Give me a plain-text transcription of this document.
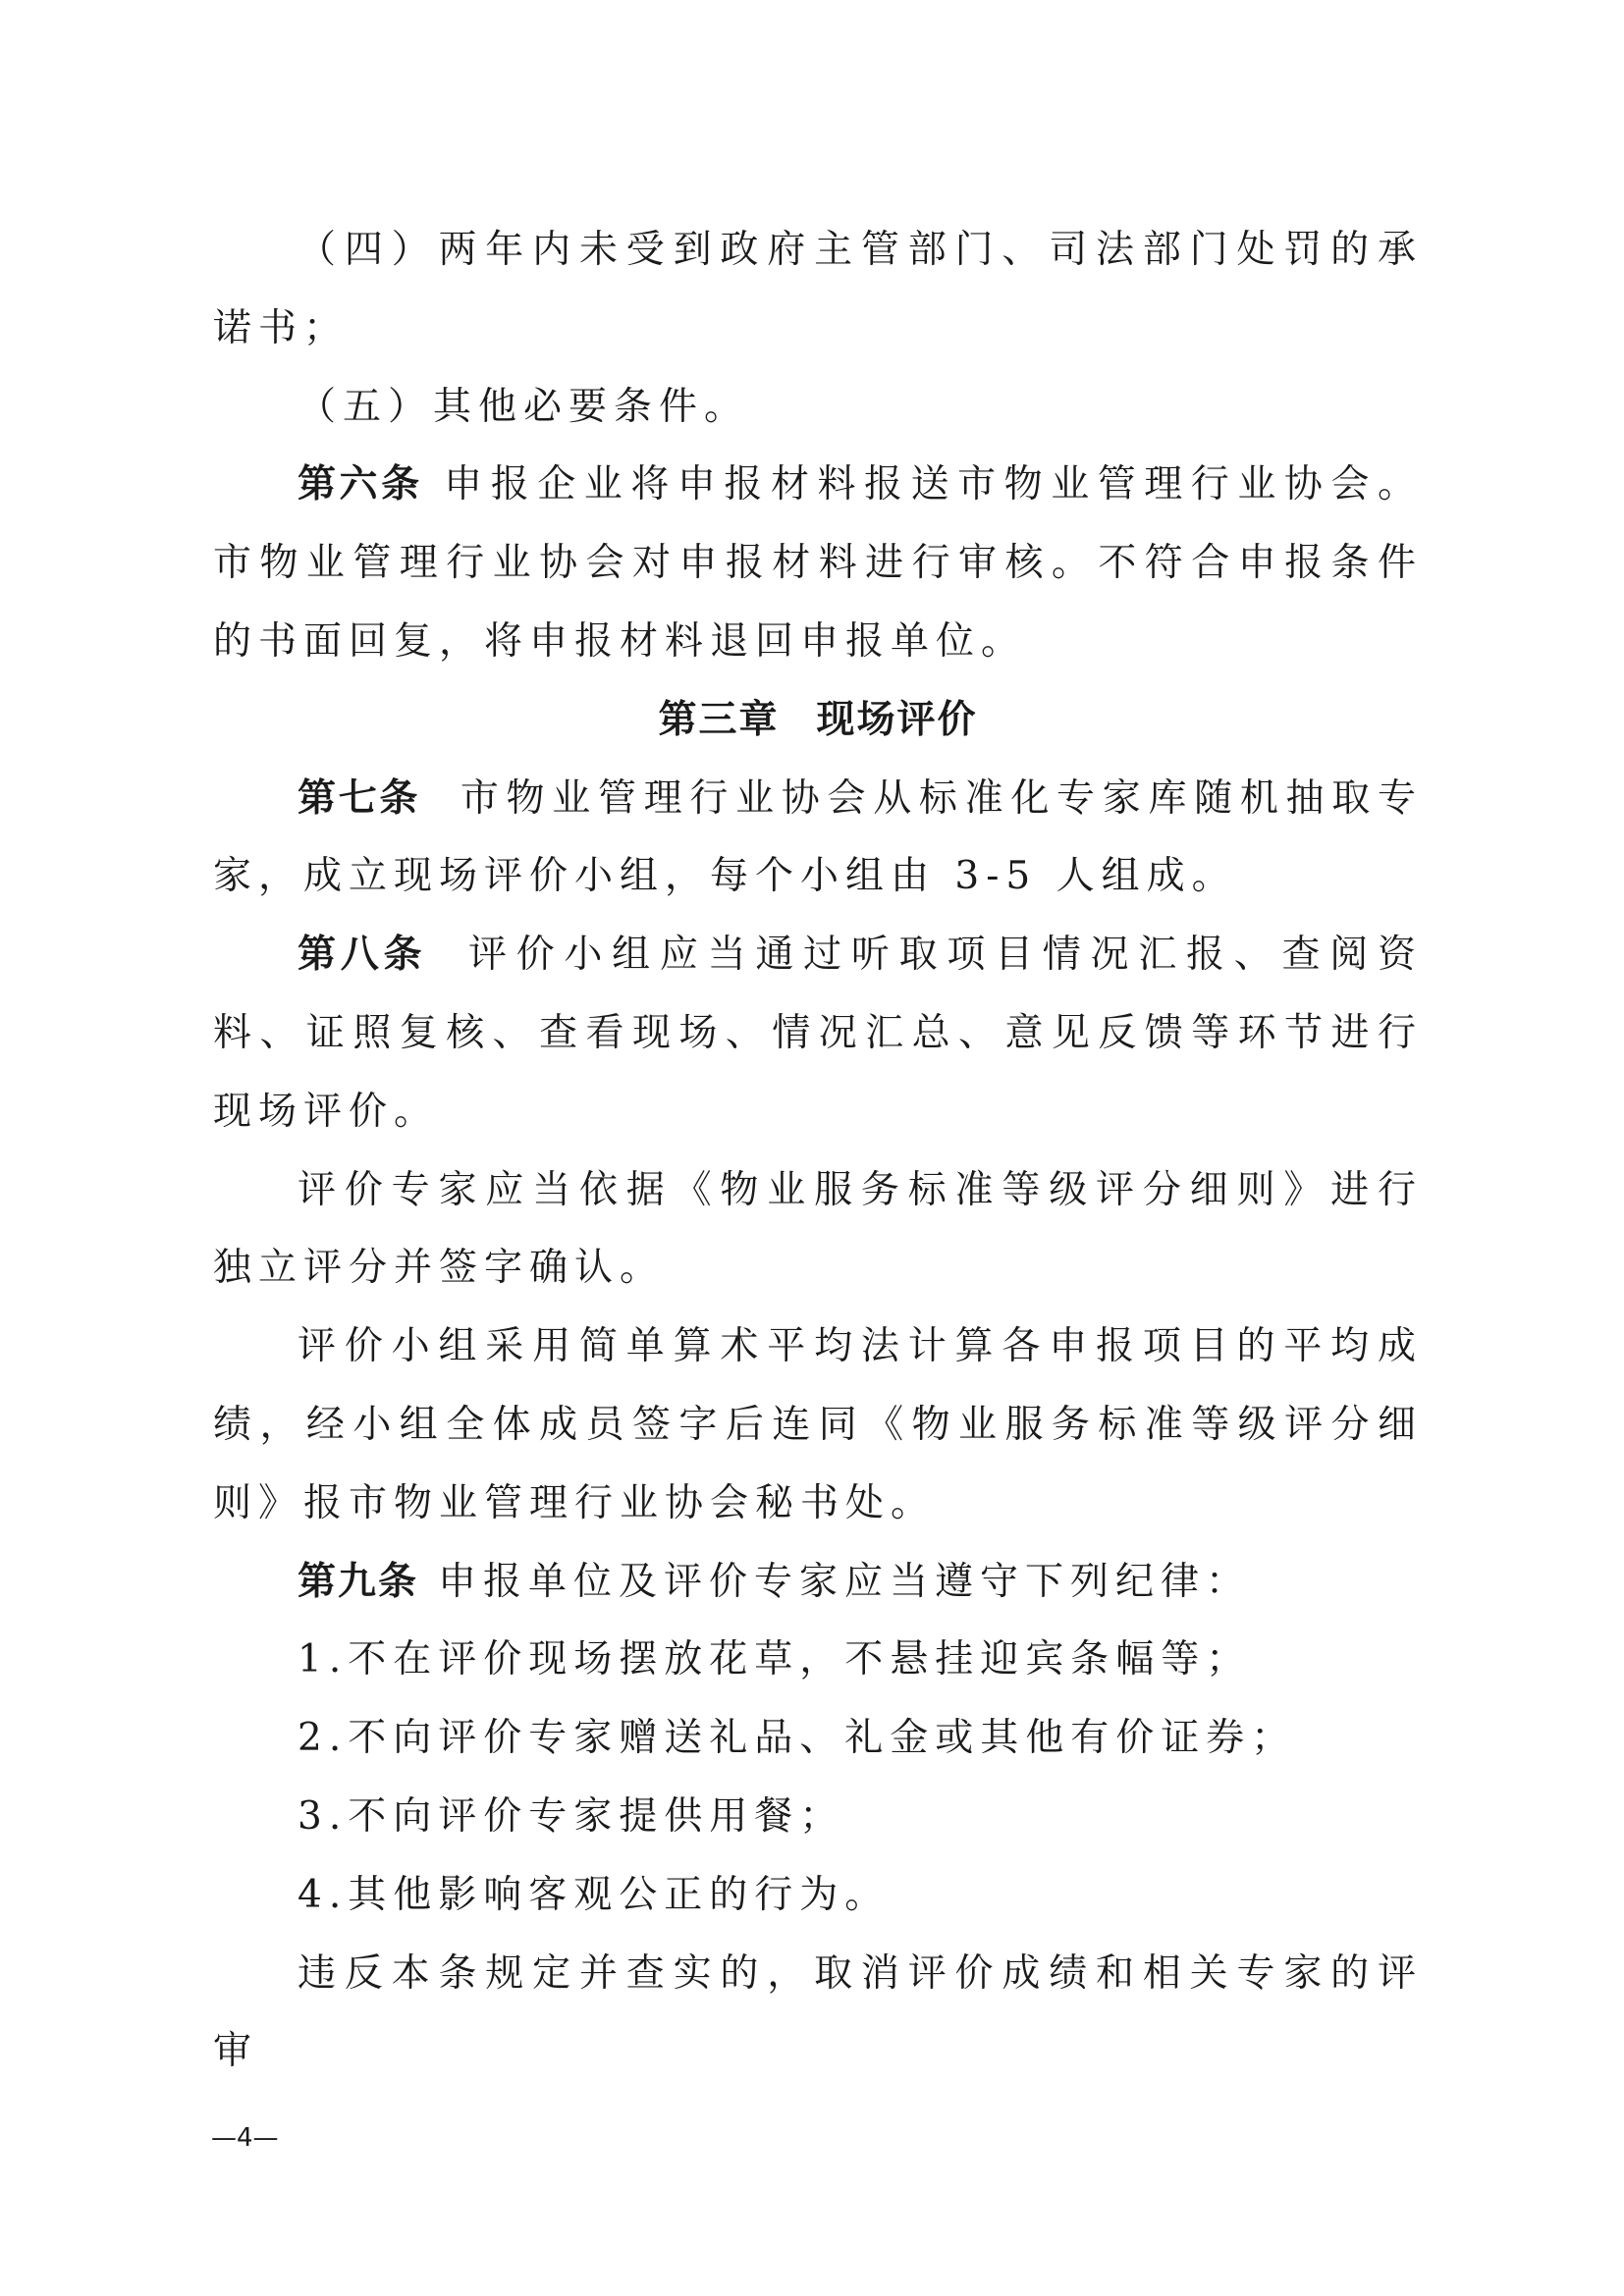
（四）两年内未受到政府主管部门、司法部门处罚的承诺书；

（五）其他必要条件。

第六条 申报企业将申报材料报送市物业管理行业协会。市物业管理行业协会对申报材料进行审核。不符合申报条件的书面回复，将申报材料退回申报单位。

第三章 现场评价

第七条 市物业管理行业协会从标准化专家库随机抽取专家，成立现场评价小组，每个小组由 3-5 人组成。

第八条 评价小组应当通过听取项目情况汇报、查阅资料、证照复核、查看现场、情况汇总、意见反馈等环节进行现场评价。

评价专家应当依据《物业服务标准等级评分细则》进行独立评分并签字确认。

评价小组采用简单算术平均法计算各申报项目的平均成绩，经小组全体成员签字后连同《物业服务标准等级评分细则》报市物业管理行业协会秘书处。

第九条 申报单位及评价专家应当遵守下列纪律：

1.不在评价现场摆放花草，不悬挂迎宾条幅等；

2.不向评价专家赠送礼品、礼金或其他有价证券；

3.不向评价专家提供用餐；

4.其他影响客观公正的行为。

违反本条规定并查实的，取消评价成绩和相关专家的评审

—4—
